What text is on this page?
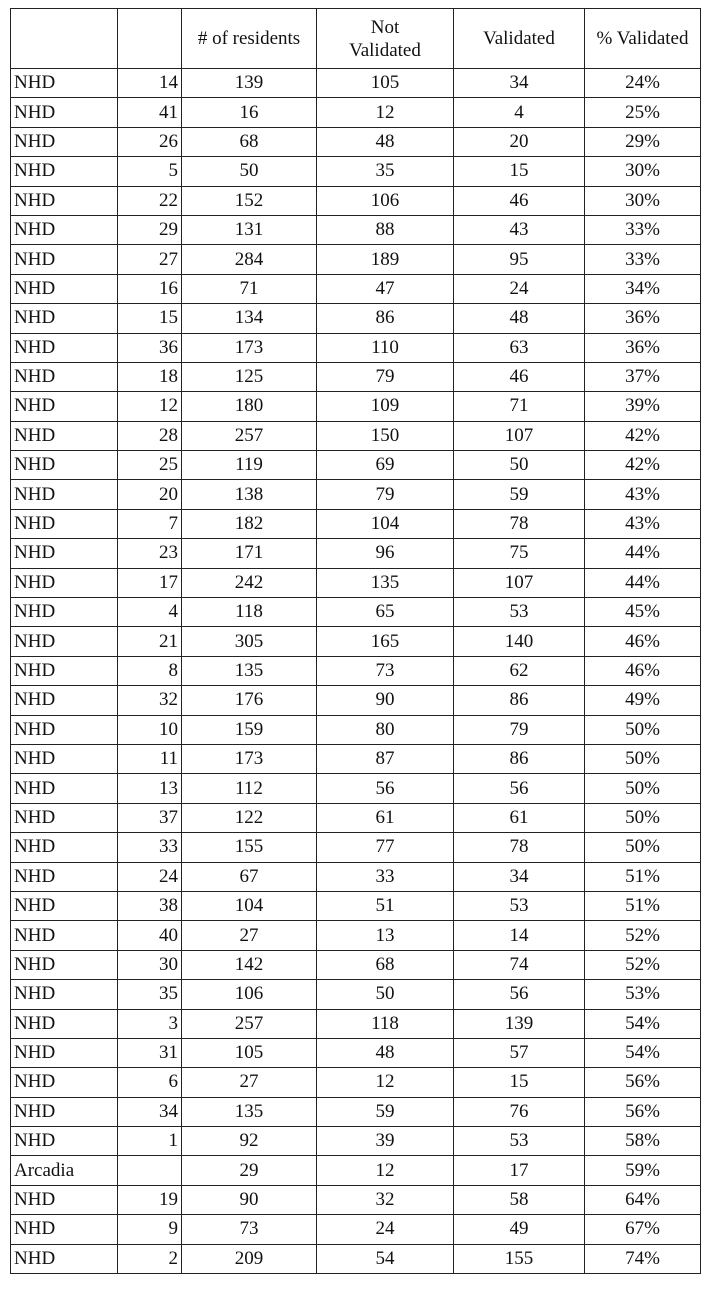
		# of residents	Not Validated	Validated	% Validated
NHD	14	139	105	34	24%
NHD	41	16	12	4	25%
NHD	26	68	48	20	29%
NHD	5	50	35	15	30%
NHD	22	152	106	46	30%
NHD	29	131	88	43	33%
NHD	27	284	189	95	33%
NHD	16	71	47	24	34%
NHD	15	134	86	48	36%
NHD	36	173	110	63	36%
NHD	18	125	79	46	37%
NHD	12	180	109	71	39%
NHD	28	257	150	107	42%
NHD	25	119	69	50	42%
NHD	20	138	79	59	43%
NHD	7	182	104	78	43%
NHD	23	171	96	75	44%
NHD	17	242	135	107	44%
NHD	4	118	65	53	45%
NHD	21	305	165	140	46%
NHD	8	135	73	62	46%
NHD	32	176	90	86	49%
NHD	10	159	80	79	50%
NHD	11	173	87	86	50%
NHD	13	112	56	56	50%
NHD	37	122	61	61	50%
NHD	33	155	77	78	50%
NHD	24	67	33	34	51%
NHD	38	104	51	53	51%
NHD	40	27	13	14	52%
NHD	30	142	68	74	52%
NHD	35	106	50	56	53%
NHD	3	257	118	139	54%
NHD	31	105	48	57	54%
NHD	6	27	12	15	56%
NHD	34	135	59	76	56%
NHD	1	92	39	53	58%
Arcadia		29	12	17	59%
NHD	19	90	32	58	64%
NHD	9	73	24	49	67%
NHD	2	209	54	155	74%
